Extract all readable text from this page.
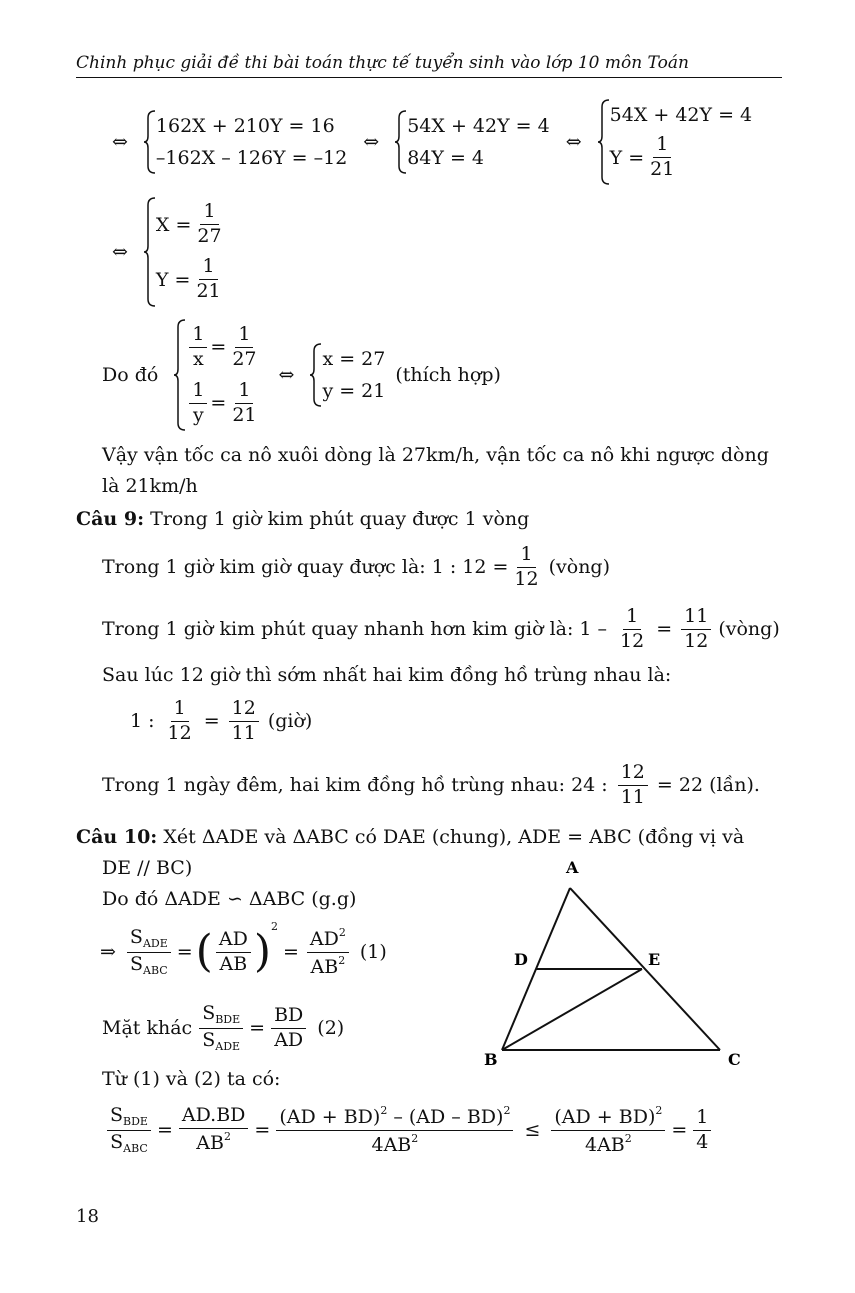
Chinh phục giải đề thi bài toán thực tế tuyển sinh vào lớp 10 môn Toán
⇔
162X + 210Y = 16
–162X – 126Y = –12
⇔
54X + 42Y = 4
84Y = 4
⇔
54X + 42Y = 4
$Y = \frac{1}{21}$
⇔
$X = \frac{1}{27}$
$Y = \frac{1}{21}$
Do đó
$\frac{1}{x} = \frac{1}{27}$
$\frac{1}{y} = \frac{1}{21}$
⇔
x = 27
y = 21
(thích hợp)
Vậy vận tốc ca nô xuôi dòng là 27km/h, vận tốc ca nô khi ngược dòng
là 21km/h
Câu 9: Trong 1 giờ kim phút quay được 1 vòng
Trong 1 giờ kim giờ quay được là: 1 : $12 = \frac{1}{12}$ (vòng)
Trong 1 giờ kim phút quay nhanh hơn kim giờ là: $1 - \frac{1}{12} = \frac{11}{12}$ (vòng)
Sau lúc 12 giờ thì sớm nhất hai kim đồng hồ trùng nhau là:
1 : $\frac{1}{12} = \frac{12}{11}$ (giờ)
Trong 1 ngày đêm, hai kim đồng hồ trùng nhau: 24 : $\frac{12}{11} = 22$ (lần).
Câu 10: Xét ΔADE và ΔABC có DAE (chung), ADE = ABC (đồng vị và
DE // BC)
Do đó ΔADE ∽ ΔABC (g.g)
⇒ $\frac{S_{ADE}}{S_{ABC}}$ = ( $\frac{AD}{AB}$ ) 2
= $\frac{AD^2}{AB^2} (1)$
Mặt khác $\frac{S_{BDE}}{S_{ADE}} = \frac{BD}{AD} (2)$
Từ (1) và (2) ta có:
$\frac{S_{BDE}}{S_{ABC}} = \frac{AD.BD}{AB^2} = \frac{(AD + BD)^2 - (AD - BD)^2}{4AB^2} \le \frac{(AD + BD)^2}{4AB^2} = \frac{1}{4}$
A
D	E
B	C
18
